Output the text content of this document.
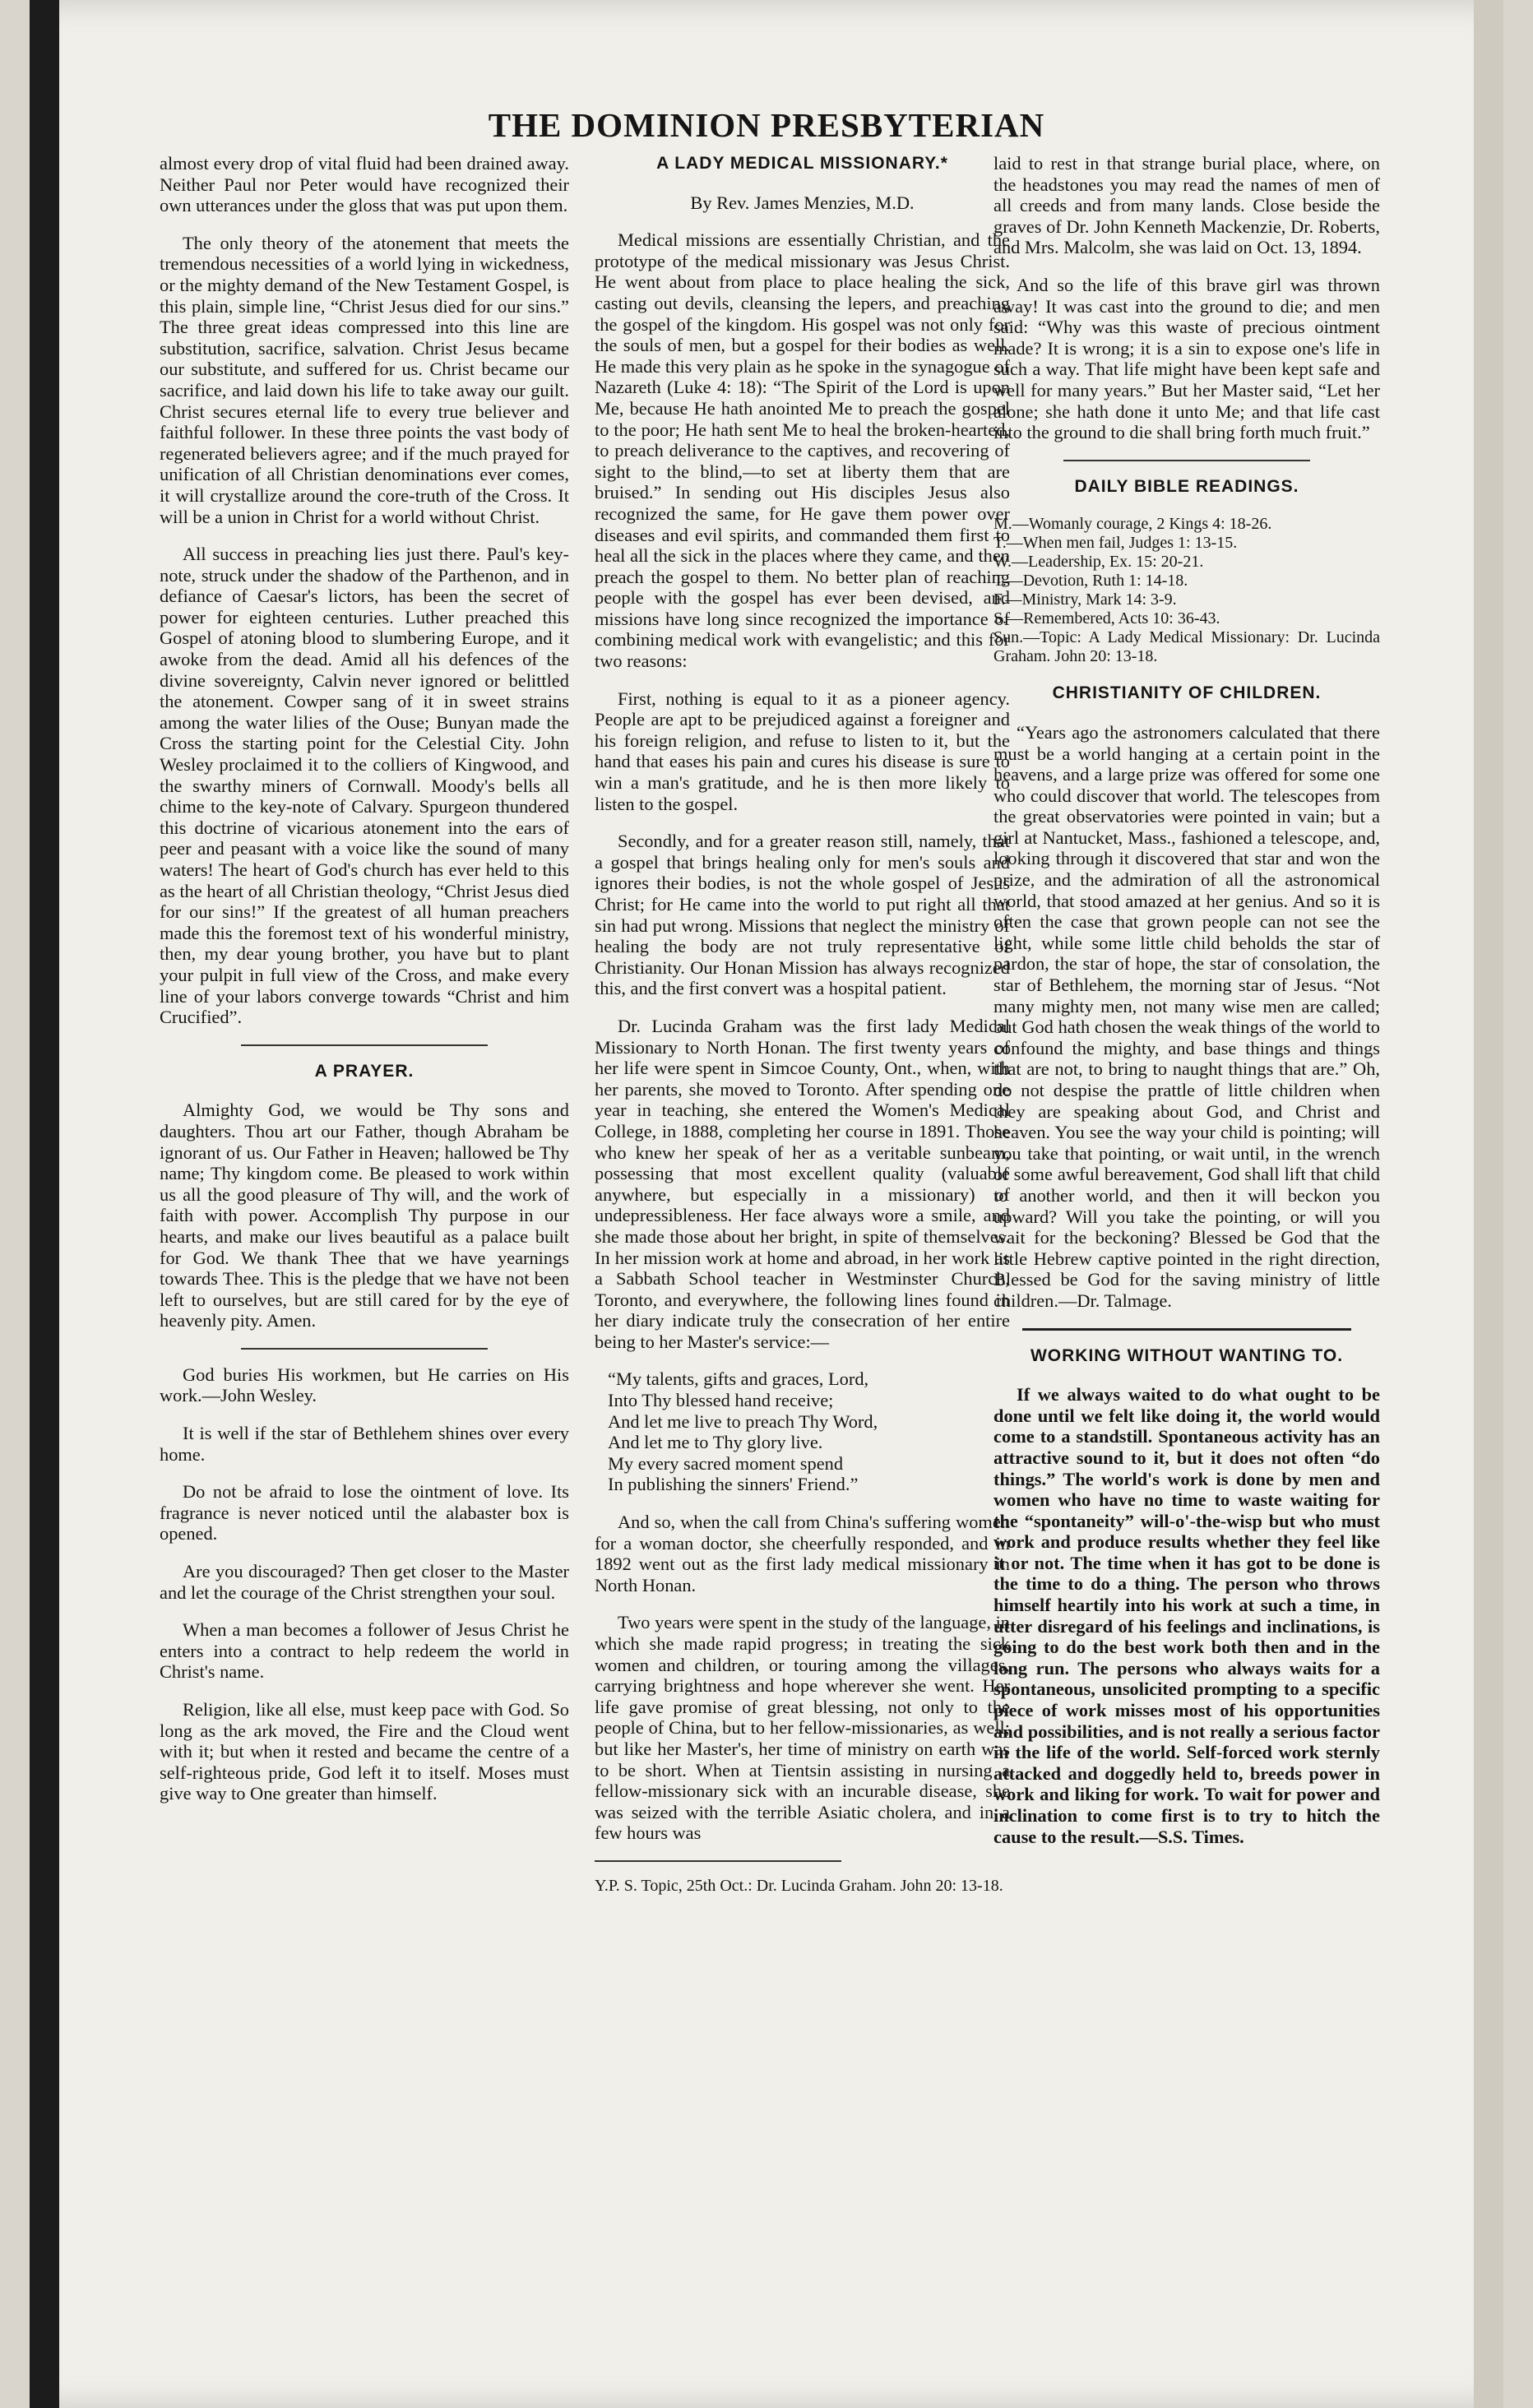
THE DOMINION PRESBYTERIAN

almost every drop of vital fluid had been drained away. Neither Paul nor Peter would have recognized their own utterances under the gloss that was put upon them.

The only theory of the atonement that meets the tremendous necessities of a world lying in wickedness, or the mighty demand of the New Testament Gospel, is this plain, simple line, “Christ Jesus died for our sins.” The three great ideas compressed into this line are substitution, sacrifice, salvation. Christ Jesus became our substitute, and suffered for us. Christ became our sacrifice, and laid down his life to take away our guilt. Christ secures eternal life to every true believer and faithful follower. In these three points the vast body of regenerated believers agree; and if the much prayed for unification of all Christian denominations ever comes, it will crystallize around the core-truth of the Cross. It will be a union in Christ for a world without Christ.

All success in preaching lies just there. Paul's key-note, struck under the shadow of the Parthenon, and in defiance of Caesar's lictors, has been the secret of power for eighteen centuries. Luther preached this Gospel of atoning blood to slumbering Europe, and it awoke from the dead. Amid all his defences of the divine sovereignty, Calvin never ignored or belittled the atonement. Cowper sang of it in sweet strains among the water lilies of the Ouse; Bunyan made the Cross the starting point for the Celestial City. John Wesley proclaimed it to the colliers of Kingwood, and the swarthy miners of Cornwall. Moody's bells all chime to the key-note of Calvary. Spurgeon thundered this doctrine of vicarious atonement into the ears of peer and peasant with a voice like the sound of many waters! The heart of God's church has ever held to this as the heart of all Christian theology, “Christ Jesus died for our sins!” If the greatest of all human preachers made this the foremost text of his wonderful ministry, then, my dear young brother, you have but to plant your pulpit in full view of the Cross, and make every line of your labors converge towards “Christ and him Crucified”.

A PRAYER.

Almighty God, we would be Thy sons and daughters. Thou art our Father, though Abraham be ignorant of us. Our Father in Heaven; hallowed be Thy name; Thy kingdom come. Be pleased to work within us all the good pleasure of Thy will, and the work of faith with power. Accomplish Thy purpose in our hearts, and make our lives beautiful as a palace built for God. We thank Thee that we have yearnings towards Thee. This is the pledge that we have not been left to ourselves, but are still cared for by the eye of heavenly pity. Amen.

God buries His workmen, but He carries on His work.—John Wesley.

It is well if the star of Bethlehem shines over every home.

Do not be afraid to lose the ointment of love. Its fragrance is never noticed until the alabaster box is opened.

Are you discouraged? Then get closer to the Master and let the courage of the Christ strengthen your soul.

When a man becomes a follower of Jesus Christ he enters into a contract to help redeem the world in Christ's name.

Religion, like all else, must keep pace with God. So long as the ark moved, the Fire and the Cloud went with it; but when it rested and became the centre of a self-righteous pride, God left it to itself. Moses must give way to One greater than himself.

A LADY MEDICAL MISSIONARY.*
By Rev. James Menzies, M.D.

Medical missions are essentially Christian, and the prototype of the medical missionary was Jesus Christ. He went about from place to place healing the sick, casting out devils, cleansing the lepers, and preaching the gospel of the kingdom. His gospel was not only for the souls of men, but a gospel for their bodies as well. He made this very plain as he spoke in the synagogue of Nazareth (Luke 4: 18): “The Spirit of the Lord is upon Me, because He hath anointed Me to preach the gospel to the poor; He hath sent Me to heal the broken-hearted, to preach deliverance to the captives, and recovering of sight to the blind,—to set at liberty them that are bruised.” In sending out His disciples Jesus also recognized the same, for He gave them power over diseases and evil spirits, and commanded them first to heal all the sick in the places where they came, and then preach the gospel to them. No better plan of reaching people with the gospel has ever been devised, and missions have long since recognized the importance of combining medical work with evangelistic; and this for two reasons:

First, nothing is equal to it as a pioneer agency. People are apt to be prejudiced against a foreigner and his foreign religion, and refuse to listen to it, but the hand that eases his pain and cures his disease is sure to win a man's gratitude, and he is then more likely to listen to the gospel.

Secondly, and for a greater reason still, namely, that a gospel that brings healing only for men's souls and ignores their bodies, is not the whole gospel of Jesus Christ; for He came into the world to put right all that sin had put wrong. Missions that neglect the ministry of healing the body are not truly representative of Christianity. Our Honan Mission has always recognized this, and the first convert was a hospital patient.

Dr. Lucinda Graham was the first lady Medical Missionary to North Honan. The first twenty years of her life were spent in Simcoe County, Ont., when, with her parents, she moved to Toronto. After spending one year in teaching, she entered the Women's Medical College, in 1888, completing her course in 1891. Those who knew her speak of her as a veritable sunbeam, possessing that most excellent quality (valuable anywhere, but especially in a missionary) of undepressibleness. Her face always wore a smile, and she made those about her bright, in spite of themselves. In her mission work at home and abroad, in her work as a Sabbath School teacher in Westminster Church, Toronto, and everywhere, the following lines found in her diary indicate truly the consecration of her entire being to her Master's service:—

“My talents, gifts and graces, Lord,
Into Thy blessed hand receive;
And let me live to preach Thy Word,
And let me to Thy glory live.
My every sacred moment spend
In publishing the sinners' Friend.”

And so, when the call from China's suffering women for a woman doctor, she cheerfully responded, and in 1892 went out as the first lady medical missionary in North Honan.

Two years were spent in the study of the language, in which she made rapid progress; in treating the sick women and children, or touring among the villages, carrying brightness and hope wherever she went. Her life gave promise of great blessing, not only to the people of China, but to her fellow-missionaries, as well; but like her Master's, her time of ministry on earth was to be short. When at Tientsin assisting in nursing a fellow-missionary sick with an incurable disease, she was seized with the terrible Asiatic cholera, and in a few hours was

Y.P. S. Topic, 25th Oct.: Dr. Lucinda Graham. John 20: 13-18.

laid to rest in that strange burial place, where, on the headstones you may read the names of men of all creeds and from many lands. Close beside the graves of Dr. John Kenneth Mackenzie, Dr. Roberts, and Mrs. Malcolm, she was laid on Oct. 13, 1894.

And so the life of this brave girl was thrown away! It was cast into the ground to die; and men said: “Why was this waste of precious ointment made? It is wrong; it is a sin to expose one's life in such a way. That life might have been kept safe and well for many years.” But her Master said, “Let her alone; she hath done it unto Me; and that life cast into the ground to die shall bring forth much fruit.”

DAILY BIBLE READINGS.
M.—Womanly courage, 2 Kings 4: 18-26.
T.—When men fail, Judges 1: 13-15.
W.—Leadership, Ex. 15: 20-21.
T.—Devotion, Ruth 1: 14-18.
F.—Ministry, Mark 14: 3-9.
S.—Remembered, Acts 10: 36-43.
Sun.—Topic: A Lady Medical Missionary: Dr. Lucinda Graham. John 20: 13-18.
CHRISTIANITY OF CHILDREN.

“Years ago the astronomers calculated that there must be a world hanging at a certain point in the heavens, and a large prize was offered for some one who could discover that world. The telescopes from the great observatories were pointed in vain; but a girl at Nantucket, Mass., fashioned a telescope, and, looking through it discovered that star and won the prize, and the admiration of all the astronomical world, that stood amazed at her genius. And so it is often the case that grown people can not see the light, while some little child beholds the star of pardon, the star of hope, the star of consolation, the star of Bethlehem, the morning star of Jesus. “Not many mighty men, not many wise men are called; but God hath chosen the weak things of the world to confound the mighty, and base things and things that are not, to bring to naught things that are.” Oh, do not despise the prattle of little children when they are speaking about God, and Christ and heaven. You see the way your child is pointing; will you take that pointing, or wait until, in the wrench of some awful bereavement, God shall lift that child to another world, and then it will beckon you upward? Will you take the pointing, or will you wait for the beckoning? Blessed be God that the little Hebrew captive pointed in the right direction, Blessed be God for the saving ministry of little children.—Dr. Talmage.

WORKING WITHOUT WANTING TO.

If we always waited to do what ought to be done until we felt like doing it, the world would come to a standstill. Spontaneous activity has an attractive sound to it, but it does not often “do things.” The world's work is done by men and women who have no time to waste waiting for the “spontaneity” will-o'-the-wisp but who must work and produce results whether they feel like it or not. The time when it has got to be done is the time to do a thing. The person who throws himself heartily into his work at such a time, in utter disregard of his feelings and inclinations, is going to do the best work both then and in the long run. The persons who always waits for a spontaneous, unsolicited prompting to a specific piece of work misses most of his opportunities and possibilities, and is not really a serious factor in the life of the world. Self-forced work sternly attacked and doggedly held to, breeds power in work and liking for work. To wait for power and inclination to come first is to try to hitch the cause to the result.—S.S. Times.
